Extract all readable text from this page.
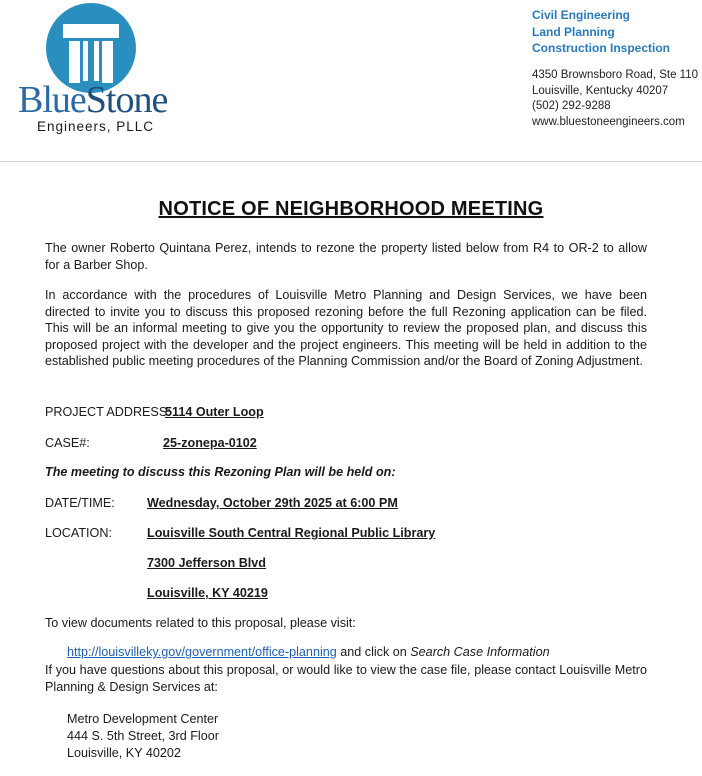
BlueStone
Engineers, PLLC
Civil Engineering
Land Planning
Construction Inspection
4350 Brownsboro Road, Ste 110
Louisville, Kentucky 40207
(502) 292-9288
www.bluestoneengineers.com
NOTICE OF NEIGHBORHOOD MEETING
The owner Roberto Quintana Perez, intends to rezone the property listed below from R4 to OR-2 to allow for a Barber Shop.
In accordance with the procedures of Louisville Metro Planning and Design Services, we have been directed to invite you to discuss this proposed rezoning before the full Rezoning application can be filed. This will be an informal meeting to give you the opportunity to review the proposed plan, and discuss this proposed project with the developer and the project engineers. This meeting will be held in addition to the established public meeting procedures of the Planning Commission and/or the Board of Zoning Adjustment.
PROJECT ADDRESS:
5114 Outer Loop
CASE#:	25-zonepa-0102
The meeting to discuss this Rezoning Plan will be held on:
DATE/TIME:	Wednesday, October 29th 2025 at 6:00 PM
LOCATION:	Louisville South Central Regional Public Library
7300 Jefferson Blvd
Louisville, KY 40219
To view documents related to this proposal, please visit:
http://louisvilleky.gov/government/office-planning and click on Search Case Information
If you have questions about this proposal, or would like to view the case file, please contact Louisville Metro Planning & Design Services at:
Metro Development Center
444 S. 5th Street, 3rd Floor
Louisville, KY 40202
